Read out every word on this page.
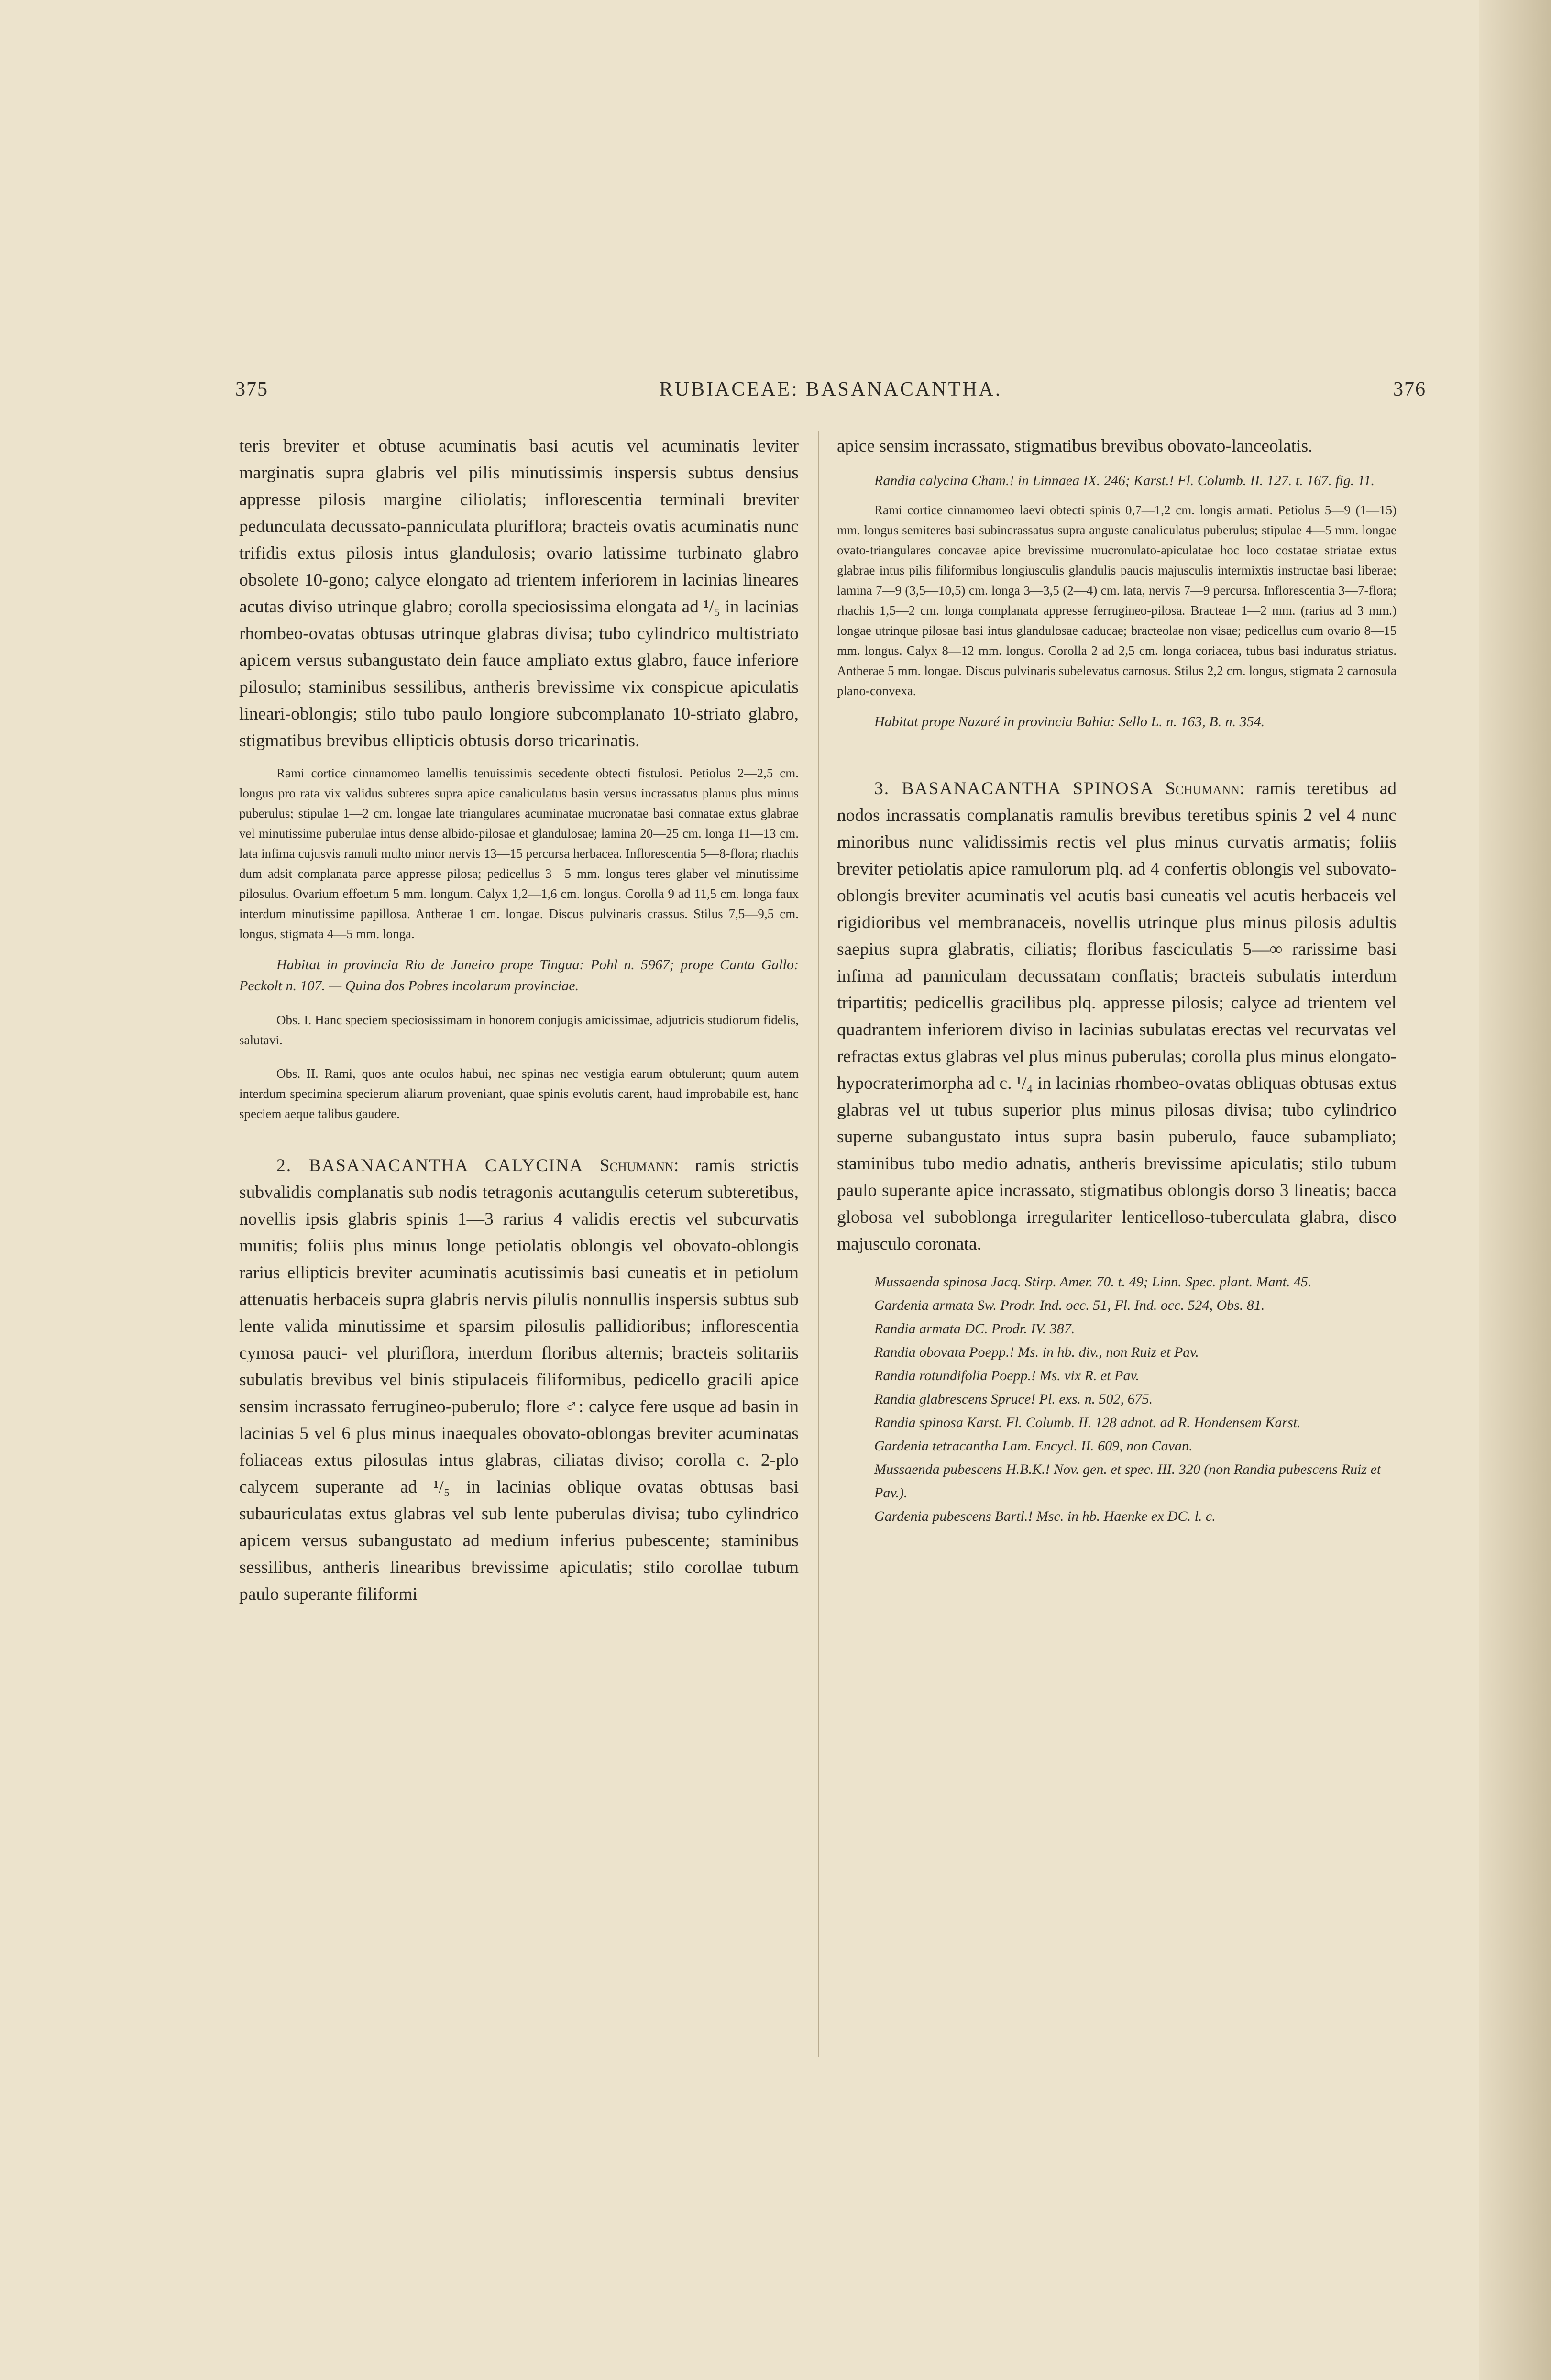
375	RUBIACEAE: BASANACANTHA.	376

teris breviter et obtuse acuminatis basi acutis vel acuminatis leviter marginatis supra glabris vel pilis minutissimis inspersis subtus densius appresse pilosis margine ciliolatis; inflorescentia terminali breviter pedunculata decussato-panniculata pluriflora; bracteis ovatis acuminatis nunc trifidis extus pilosis intus glandulosis; ovario latissime turbinato glabro obsolete 10-gono; calyce elongato ad trientem inferiorem in lacinias lineares acutas diviso utrinque glabro; corolla speciosissima elongata ad ¹/₅ in lacinias rhombeo-ovatas obtusas utrinque glabras divisa; tubo cylindrico multistriato apicem versus subangustato dein fauce ampliato extus glabro, fauce inferiore pilosulo; staminibus sessilibus, antheris brevissime vix conspicue apiculatis lineari-oblongis; stilo tubo paulo longiore subcomplanato 10-striato glabro, stigmatibus brevibus ellipticis obtusis dorso tricarinatis.

Rami cortice cinnamomeo lamellis tenuissimis secedente obtecti fistulosi. Petiolus 2—2,5 cm. longus pro rata vix validus subteres supra apice canaliculatus basin versus incrassatus planus plus minus puberulus; stipulae 1—2 cm. longae late triangulares acuminatae mucronatae basi connatae extus glabrae vel minutissime puberulae intus dense albido-pilosae et glandulosae; lamina 20—25 cm. longa 11—13 cm. lata infima cujusvis ramuli multo minor nervis 13—15 percursa herbacea. Inflorescentia 5—8-flora; rhachis dum adsit complanata parce appresse pilosa; pedicellus 3—5 mm. longus teres glaber vel minutissime pilosulus. Ovarium effoetum 5 mm. longum. Calyx 1,2—1,6 cm. longus. Corolla 9 ad 11,5 cm. longa faux interdum minutissime papillosa. Antherae 1 cm. longae. Discus pulvinaris crassus. Stilus 7,5—9,5 cm. longus, stigmata 4—5 mm. longa.

Habitat in provincia Rio de Janeiro prope Tingua: Pohl n. 5967; prope Canta Gallo: Peckolt n. 107. — Quina dos Pobres incolarum provinciae.

Obs. I. Hanc speciem speciosissimam in honorem conjugis amicissimae, adjutricis studiorum fidelis, salutavi.

Obs. II. Rami, quos ante oculos habui, nec spinas nec vestigia earum obtulerunt; quum autem interdum specimina specierum aliarum proveniant, quae spinis evolutis carent, haud improbabile est, hanc speciem aeque talibus gaudere.

2. BASANACANTHA CALYCINA Schumann: ramis strictis subvalidis complanatis sub nodis tetragonis acutangulis ceterum subteretibus, novellis ipsis glabris spinis 1—3 rarius 4 validis erectis vel subcurvatis munitis; foliis plus minus longe petiolatis oblongis vel obovato-oblongis rarius ellipticis breviter acuminatis acutissimis basi cuneatis et in petiolum attenuatis herbaceis supra glabris nervis pilulis nonnullis inspersis subtus sub lente valida minutissime et sparsim pilosulis pallidioribus; inflorescentia cymosa pauci- vel pluriflora, interdum floribus alternis; bracteis solitariis subulatis brevibus vel binis stipulaceis filiformibus, pedicello gracili apice sensim incrassato ferrugineo-puberulo; flore ♂: calyce fere usque ad basin in lacinias 5 vel 6 plus minus inaequales obovato-oblongas breviter acuminatas foliaceas extus pilosulas intus glabras, ciliatas diviso; corolla c. 2-plo calycem superante ad ¹/₅ in lacinias oblique ovatas obtusas basi subauriculatas extus glabras vel sub lente puberulas divisa; tubo cylindrico apicem versus subangustato ad medium inferius pubescente; staminibus sessilibus, antheris linearibus brevissime apiculatis; stilo corollae tubum paulo superante filiformi

apice sensim incrassato, stigmatibus brevibus obovato-lanceolatis.

Randia calycina Cham.! in Linnaea IX. 246; Karst.! Fl. Columb. II. 127. t. 167. fig. 11.

Rami cortice cinnamomeo laevi obtecti spinis 0,7—1,2 cm. longis armati. Petiolus 5—9 (1—15) mm. longus semiteres basi subincrassatus supra anguste canaliculatus puberulus; stipulae 4—5 mm. longae ovato-triangulares concavae apice brevissime mucronulato-apiculatae hoc loco costatae striatae extus glabrae intus pilis filiformibus longiusculis glandulis paucis majusculis intermixtis instructae basi liberae; lamina 7—9 (3,5—10,5) cm. longa 3—3,5 (2—4) cm. lata, nervis 7—9 percursa. Inflorescentia 3—7-flora; rhachis 1,5—2 cm. longa complanata appresse ferrugineo-pilosa. Bracteae 1—2 mm. (rarius ad 3 mm.) longae utrinque pilosae basi intus glandulosae caducae; bracteolae non visae; pedicellus cum ovario 8—15 mm. longus. Calyx 8—12 mm. longus. Corolla 2 ad 2,5 cm. longa coriacea, tubus basi induratus striatus. Antherae 5 mm. longae. Discus pulvinaris subelevatus carnosus. Stilus 2,2 cm. longus, stigmata 2 carnosula plano-convexa.

Habitat prope Nazaré in provincia Bahia: Sello L. n. 163, B. n. 354.

3. BASANACANTHA SPINOSA Schumann: ramis teretibus ad nodos incrassatis complanatis ramulis brevibus teretibus spinis 2 vel 4 nunc minoribus nunc validissimis rectis vel plus minus curvatis armatis; foliis breviter petiolatis apice ramulorum plq. ad 4 confertis oblongis vel subovato-oblongis breviter acuminatis vel acutis basi cuneatis vel acutis herbaceis vel rigidioribus vel membranaceis, novellis utrinque plus minus pilosis adultis saepius supra glabratis, ciliatis; floribus fasciculatis 5—∞ rarissime basi infima ad panniculam decussatam conflatis; bracteis subulatis interdum tripartitis; pedicellis gracilibus plq. appresse pilosis; calyce ad trientem vel quadrantem inferiorem diviso in lacinias subulatas erectas vel recurvatas vel refractas extus glabras vel plus minus puberulas; corolla plus minus elongato-hypocraterimorpha ad c. ¹/₄ in lacinias rhombeo-ovatas obliquas obtusas extus glabras vel ut tubus superior plus minus pilosas divisa; tubo cylindrico superne subangustato intus supra basin puberulo, fauce subampliato; staminibus tubo medio adnatis, antheris brevissime apiculatis; stilo tubum paulo superante apice incrassato, stigmatibus oblongis dorso 3 lineatis; bacca globosa vel suboblonga irregulariter lenticelloso-tuberculata glabra, disco majusculo coronata.

Mussaenda spinosa Jacq. Stirp. Amer. 70. t. 49; Linn. Spec. plant. Mant. 45.

Gardenia armata Sw. Prodr. Ind. occ. 51, Fl. Ind. occ. 524, Obs. 81.

Randia armata DC. Prodr. IV. 387.

Randia obovata Poepp.! Ms. in hb. div., non Ruiz et Pav.

Randia rotundifolia Poepp.! Ms. vix R. et Pav.

Randia glabrescens Spruce! Pl. exs. n. 502, 675.

Randia spinosa Karst. Fl. Columb. II. 128 adnot. ad R. Hondensem Karst.

Gardenia tetracantha Lam. Encycl. II. 609, non Cavan.

Mussaenda pubescens H.B.K.! Nov. gen. et spec. III. 320 (non Randia pubescens Ruiz et Pav.).

Gardenia pubescens Bartl.! Msc. in hb. Haenke ex DC. l. c.
